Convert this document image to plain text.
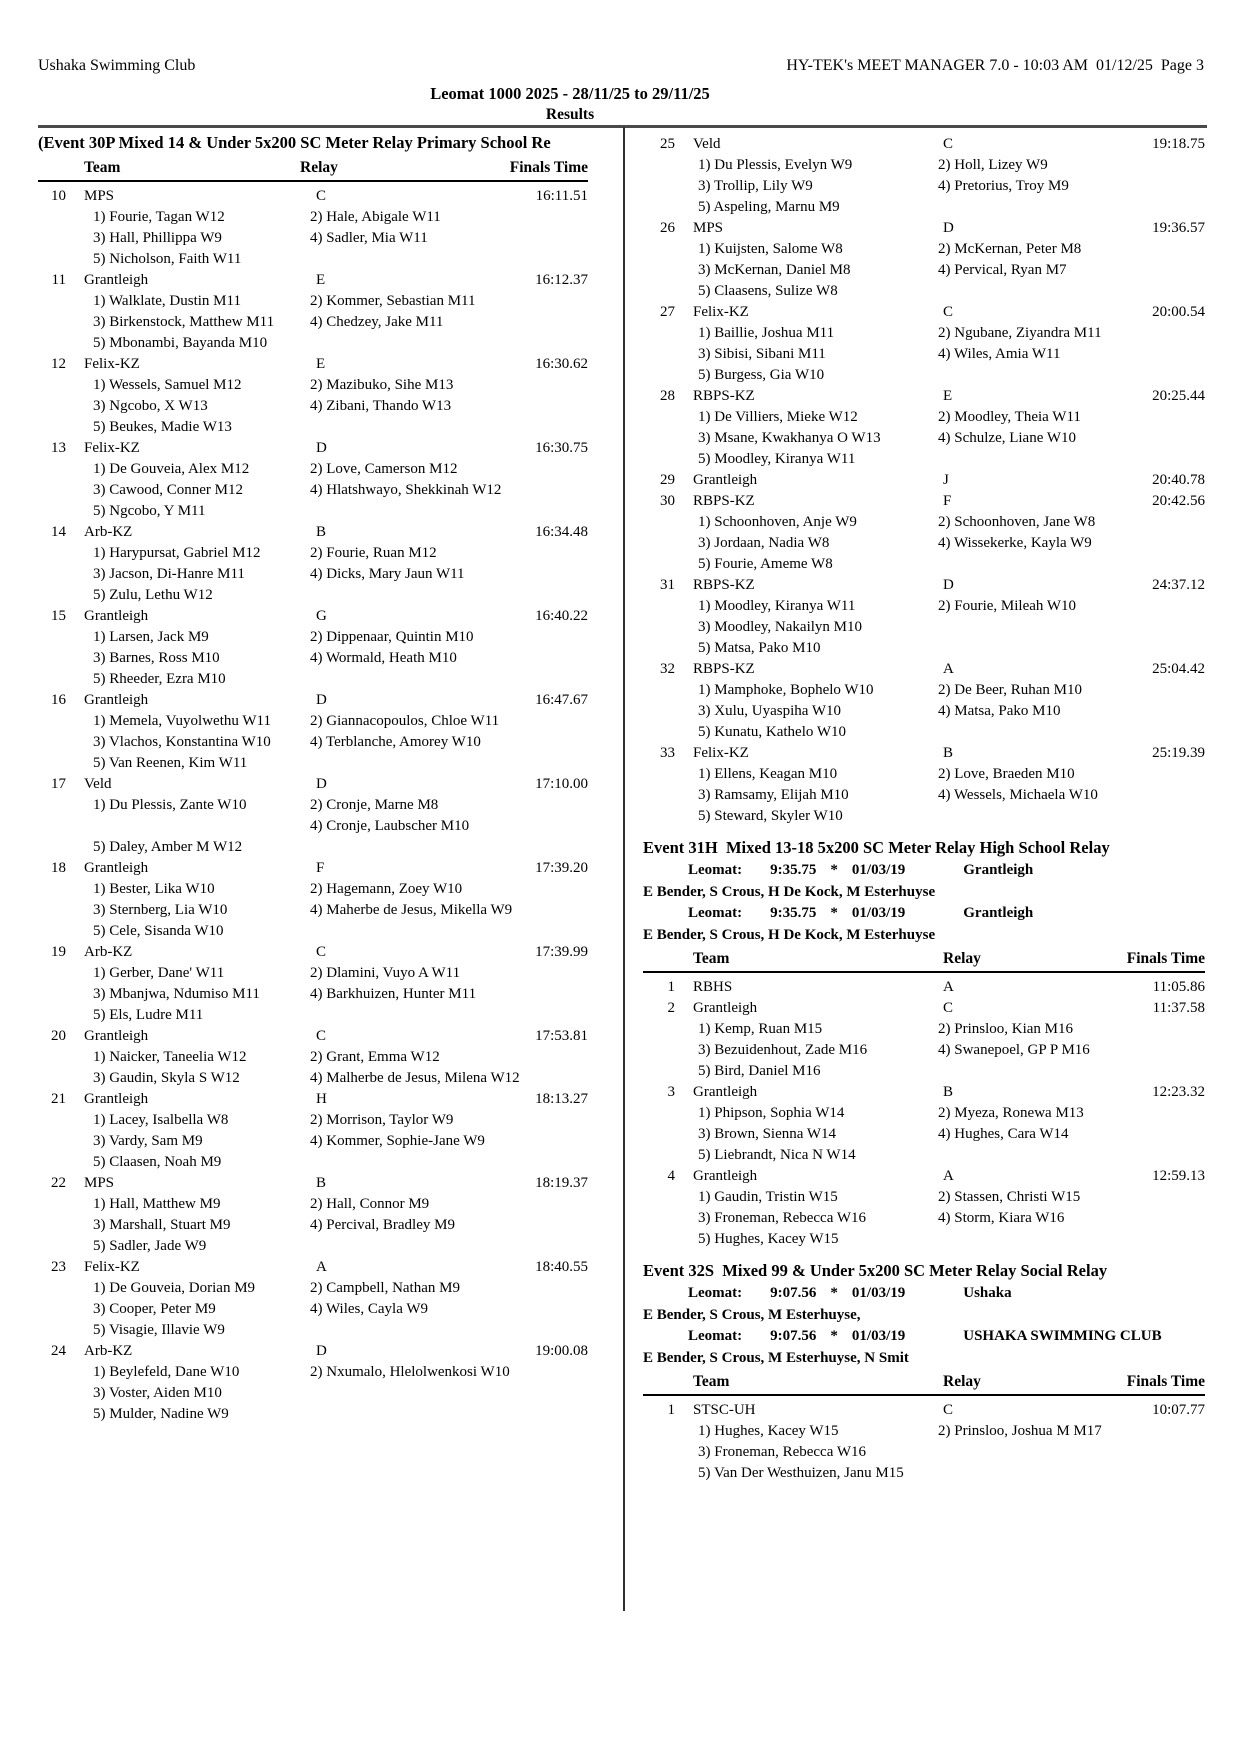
Ushaka Swimming Club	HY-TEK's MEET MANAGER 7.0 - 10:03 AM  01/12/25  Page 3
Leomat 1000 2025 - 28/11/25 to 29/11/25
Results
(Event 30P Mixed 14 & Under 5x200 SC Meter Relay Primary School Re
Team	Relay	Finals Time
10 MPS	C	16:11.51
1) Fourie, Tagan W12	2) Hale, Abigale W11
3) Hall, Phillippa W9	4) Sadler, Mia W11
5) Nicholson, Faith W11
11 Grantleigh	E	16:12.37
1) Walklate, Dustin M11	2) Kommer, Sebastian M11
3) Birkenstock, Matthew M11	4) Chedzey, Jake M11
5) Mbonambi, Bayanda M10
12 Felix-KZ	E	16:30.62
1) Wessels, Samuel M12	2) Mazibuko, Sihe M13
3) Ngcobo, X W13	4) Zibani, Thando W13
5) Beukes, Madie W13
13 Felix-KZ	D	16:30.75
1) De Gouveia, Alex M12	2) Love, Camerson M12
3) Cawood, Conner M12	4) Hlatshwayo, Shekkinah W12
5) Ngcobo, Y M11
14 Arb-KZ	B	16:34.48
1) Harypursat, Gabriel M12	2) Fourie, Ruan M12
3) Jacson, Di-Hanre M11	4) Dicks, Mary Jaun W11
5) Zulu, Lethu W12
15 Grantleigh	G	16:40.22
1) Larsen, Jack M9	2) Dippenaar, Quintin M10
3) Barnes, Ross M10	4) Wormald, Heath M10
5) Rheeder, Ezra M10
16 Grantleigh	D	16:47.67
1) Memela, Vuyolwethu W11	2) Giannacopoulos, Chloe W11
3) Vlachos, Konstantina W10	4) Terblanche, Amorey W10
5) Van Reenen, Kim W11
17 Veld	D	17:10.00
1) Du Plessis, Zante W10	2) Cronje, Marne M8
4) Cronje, Laubscher M10
5) Daley, Amber M W12
18 Grantleigh	F	17:39.20
1) Bester, Lika W10	2) Hagemann, Zoey W10
3) Sternberg, Lia W10	4) Maherbe de Jesus, Mikella W9
5) Cele, Sisanda W10
19 Arb-KZ	C	17:39.99
1) Gerber, Dane' W11	2) Dlamini, Vuyo A W11
3) Mbanjwa, Ndumiso M11	4) Barkhuizen, Hunter M11
5) Els, Ludre M11
20 Grantleigh	C	17:53.81
1) Naicker, Taneelia W12	2) Grant, Emma W12
3) Gaudin, Skyla S W12	4) Malherbe de Jesus, Milena W12
21 Grantleigh	H	18:13.27
1) Lacey, Isalbella W8	2) Morrison, Taylor W9
3) Vardy, Sam M9	4) Kommer, Sophie-Jane W9
5) Claasen, Noah M9
22 MPS	B	18:19.37
1) Hall, Matthew M9	2) Hall, Connor M9
3) Marshall, Stuart M9	4) Percival, Bradley M9
5) Sadler, Jade W9
23 Felix-KZ	A	18:40.55
1) De Gouveia, Dorian M9	2) Campbell, Nathan M9
3) Cooper, Peter M9	4) Wiles, Cayla W9
5) Visagie, Illavie W9
24 Arb-KZ	D	19:00.08
1) Beylefeld, Dane W10	2) Nxumalo, Hlelolwenkosi W10
3) Voster, Aiden M10
5) Mulder, Nadine W9
25 Veld	C	19:18.75
1) Du Plessis, Evelyn W9	2) Holl, Lizey W9
3) Trollip, Lily W9	4) Pretorius, Troy M9
5) Aspeling, Marnu M9
26 MPS	D	19:36.57
1) Kuijsten, Salome W8	2) McKernan, Peter M8
3) McKernan, Daniel M8	4) Pervical, Ryan M7
5) Claasens, Sulize W8
27 Felix-KZ	C	20:00.54
1) Baillie, Joshua M11	2) Ngubane, Ziyandra M11
3) Sibisi, Sibani M11	4) Wiles, Amia W11
5) Burgess, Gia W10
28 RBPS-KZ	E	20:25.44
1) De Villiers, Mieke W12	2) Moodley, Theia W11
3) Msane, Kwakhanya O W13	4) Schulze, Liane W10
5) Moodley, Kiranya W11
29 Grantleigh	J	20:40.78
30 RBPS-KZ	F	20:42.56
1) Schoonhoven, Anje W9	2) Schoonhoven, Jane W8
3) Jordaan, Nadia W8	4) Wissekerke, Kayla W9
5) Fourie, Ameme W8
31 RBPS-KZ	D	24:37.12
1) Moodley, Kiranya W11	2) Fourie, Mileah W10
3) Moodley, Nakailyn M10
5) Matsa, Pako M10
32 RBPS-KZ	A	25:04.42
1) Mamphoke, Bophelo W10	2) De Beer, Ruhan M10
3) Xulu, Uyaspiha W10	4) Matsa, Pako M10
5) Kunatu, Kathelo W10
33 Felix-KZ	B	25:19.39
1) Ellens, Keagan M10	2) Love, Braeden M10
3) Ramsamy, Elijah M10	4) Wessels, Michaela W10
5) Steward, Skyler W10
Event 31H  Mixed 13-18 5x200 SC Meter Relay High School Relay
Leomat: 9:35.75 * 01/03/19	Grantleigh
E Bender, S Crous, H De Kock, M Esterhuyse
Leomat: 9:35.75 * 01/03/19	Grantleigh
E Bender, S Crous, H De Kock, M Esterhuyse
Team	Relay	Finals Time
1 RBHS	A	11:05.86
2 Grantleigh	C	11:37.58
1) Kemp, Ruan M15	2) Prinsloo, Kian M16
3) Bezuidenhout, Zade M16	4) Swanepoel, GP P M16
5) Bird, Daniel M16
3 Grantleigh	B	12:23.32
1) Phipson, Sophia W14	2) Myeza, Ronewa M13
3) Brown, Sienna W14	4) Hughes, Cara W14
5) Liebrandt, Nica N W14
4 Grantleigh	A	12:59.13
1) Gaudin, Tristin W15	2) Stassen, Christi W15
3) Froneman, Rebecca W16	4) Storm, Kiara W16
5) Hughes, Kacey W15
Event 32S  Mixed 99 & Under 5x200 SC Meter Relay Social Relay
Leomat: 9:07.56 * 01/03/19	Ushaka
E Bender, S Crous, M Esterhuyse,
Leomat: 9:07.56 * 01/03/19	USHAKA SWIMMING CLUB
E Bender, S Crous, M Esterhuyse, N Smit
Team	Relay	Finals Time
1 STSC-UH	C	10:07.77
1) Hughes, Kacey W15	2) Prinsloo, Joshua M M17
3) Froneman, Rebecca W16
5) Van Der Westhuizen, Janu M15
